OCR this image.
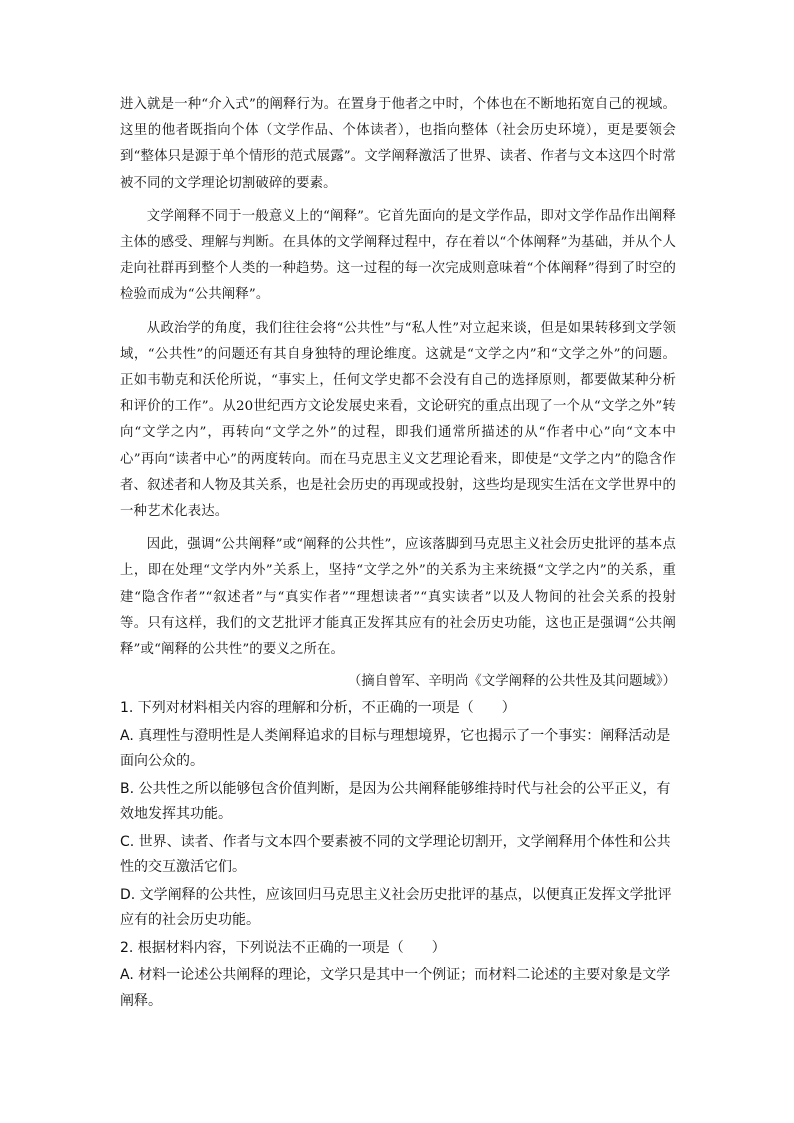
进入就是一种“介入式”的阐释行为。在置身于他者之中时，个体也在不断地拓宽自己的视域。这里的他者既指向个体（文学作品、个体读者），也指向整体（社会历史环境），更是要领会到“整体只是源于单个情形的范式展露”。文学阐释激活了世界、读者、作者与文本这四个时常被不同的文学理论切割破碎的要素。

文学阐释不同于一般意义上的“阐释”。它首先面向的是文学作品，即对文学作品作出阐释主体的感受、理解与判断。在具体的文学阐释过程中，存在着以“个体阐释”为基础，并从个人走向社群再到整个人类的一种趋势。这一过程的每一次完成则意味着“个体阐释”得到了时空的检验而成为“公共阐释”。

从政治学的角度，我们往往会将“公共性”与“私人性”对立起来谈，但是如果转移到文学领域，“公共性”的问题还有其自身独特的理论维度。这就是“文学之内”和“文学之外”的问题。正如韦勒克和沃伦所说，“事实上，任何文学史都不会没有自己的选择原则，都要做某种分析和评价的工作”。从20世纪西方文论发展史来看，文论研究的重点出现了一个从“文学之外”转向“文学之内”，再转向“文学之外”的过程，即我们通常所描述的从“作者中心”向“文本中心”再向“读者中心”的两度转向。而在马克思主义文艺理论看来，即使是“文学之内”的隐含作者、叙述者和人物及其关系，也是社会历史的再现或投射，这些均是现实生活在文学世界中的一种艺术化表达。

因此，强调“公共阐释”或“阐释的公共性”，应该落脚到马克思主义社会历史批评的基本点上，即在处理“文学内外”关系上，坚持“文学之外”的关系为主来统摄“文学之内”的关系，重建“隐含作者”“叙述者”与“真实作者”“理想读者”“真实读者”以及人物间的社会关系的投射等。只有这样，我们的文艺批评才能真正发挥其应有的社会历史功能，这也正是强调“公共阐释”或“阐释的公共性”的要义之所在。

（摘自曾军、辛明尚《文学阐释的公共性及其问题域》）

1. 下列对材料相关内容的理解和分析，不正确的一项是（　　）

A. 真理性与澄明性是人类阐释追求的目标与理想境界，它也揭示了一个事实：阐释活动是面向公众的。

B. 公共性之所以能够包含价值判断，是因为公共阐释能够维持时代与社会的公平正义，有效地发挥其功能。

C. 世界、读者、作者与文本四个要素被不同的文学理论切割开，文学阐释用个体性和公共性的交互激活它们。

D. 文学阐释的公共性，应该回归马克思主义社会历史批评的基点，以便真正发挥文学批评应有的社会历史功能。

2. 根据材料内容，下列说法不正确的一项是（　　）

A. 材料一论述公共阐释的理论，文学只是其中一个例证；而材料二论述的主要对象是文学阐释。
